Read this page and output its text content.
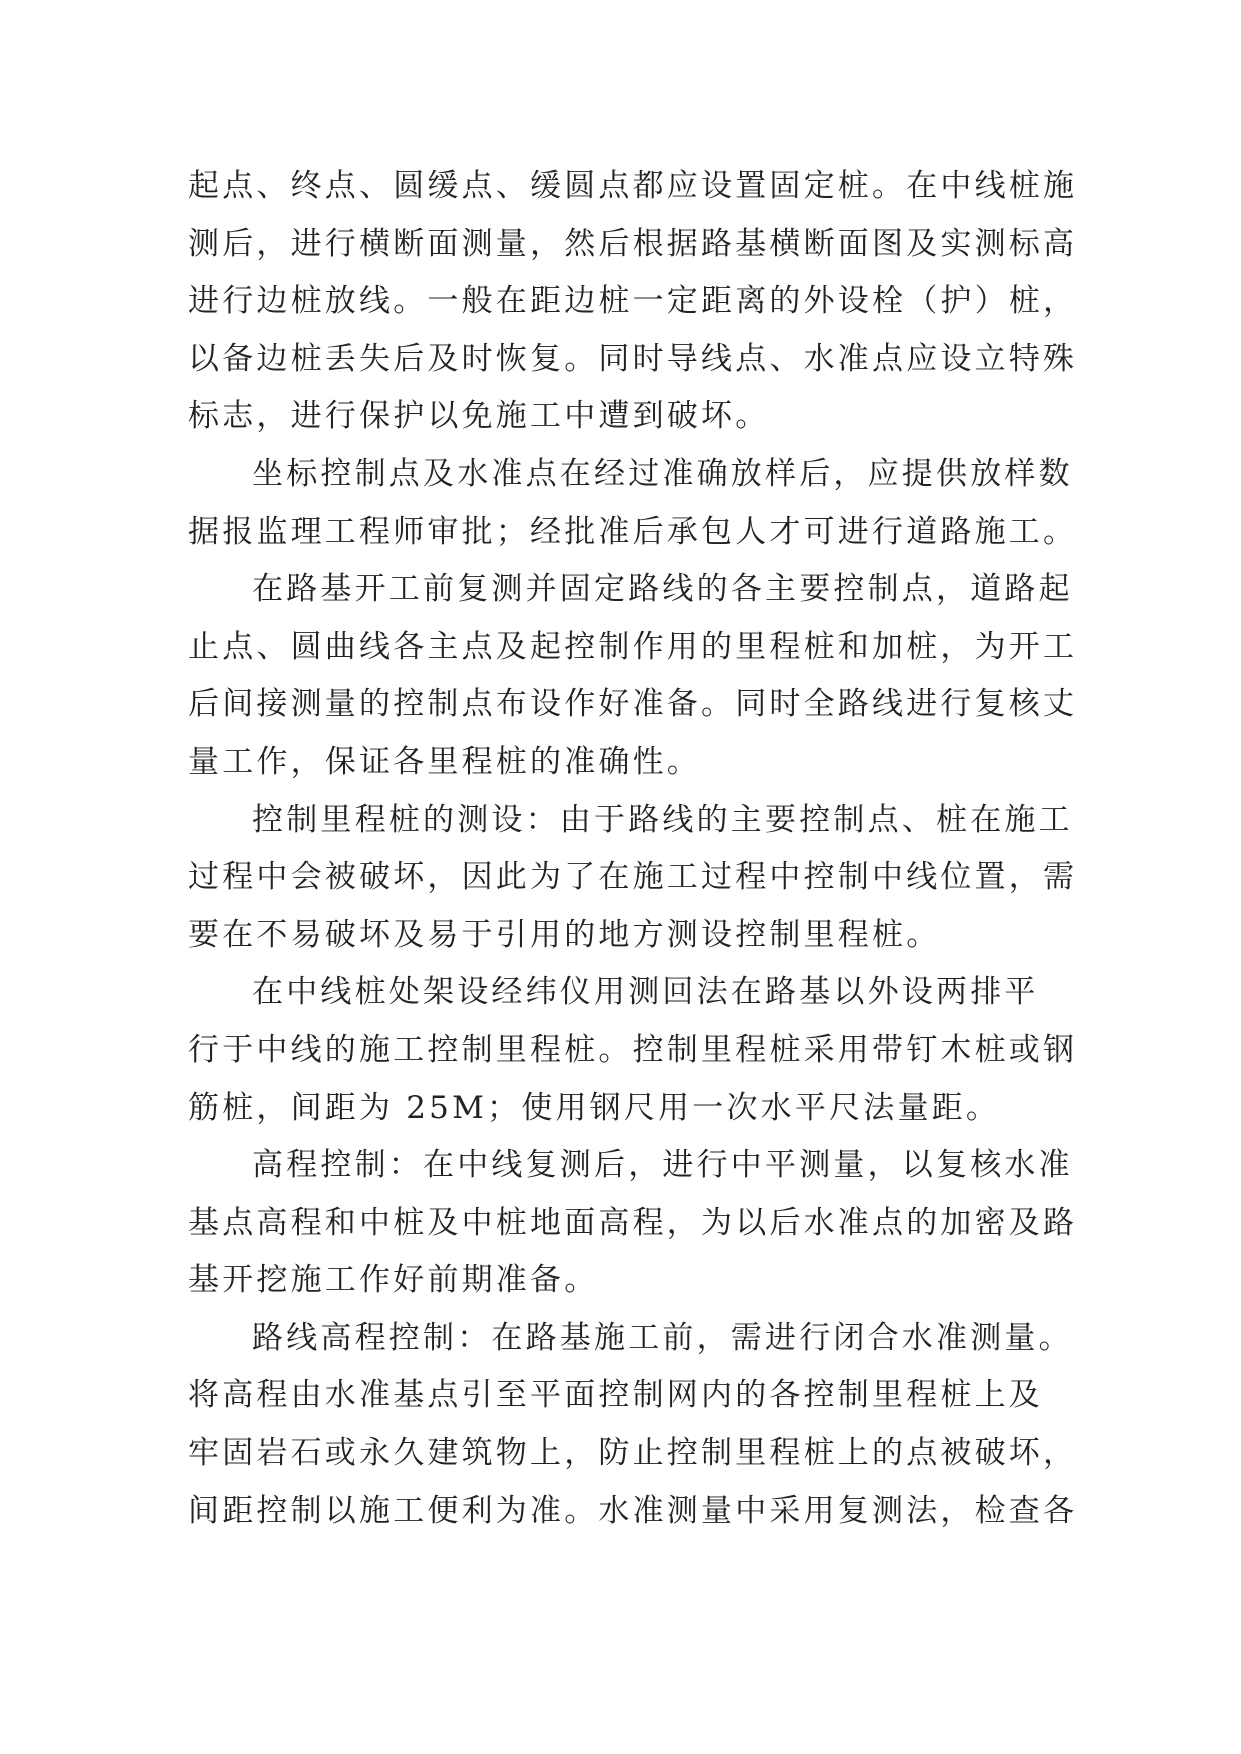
起点、终点、圆缓点、缓圆点都应设置固定桩。在中线桩施
测后，进行横断面测量，然后根据路基横断面图及实测标高
进行边桩放线。一般在距边桩一定距离的外设栓（护）桩，
以备边桩丢失后及时恢复。同时导线点、水准点应设立特殊
标志，进行保护以免施工中遭到破坏。
坐标控制点及水准点在经过准确放样后，应提供放样数
据报监理工程师审批；经批准后承包人才可进行道路施工。
在路基开工前复测并固定路线的各主要控制点，道路起
止点、圆曲线各主点及起控制作用的里程桩和加桩，为开工
后间接测量的控制点布设作好准备。同时全路线进行复核丈
量工作，保证各里程桩的准确性。
控制里程桩的测设：由于路线的主要控制点、桩在施工
过程中会被破坏，因此为了在施工过程中控制中线位置，需
要在不易破坏及易于引用的地方测设控制里程桩。
在中线桩处架设经纬仪用测回法在路基以外设两排平
行于中线的施工控制里程桩。控制里程桩采用带钉木桩或钢
筋桩，间距为 25M；使用钢尺用一次水平尺法量距。
高程控制：在中线复测后，进行中平测量，以复核水准
基点高程和中桩及中桩地面高程，为以后水准点的加密及路
基开挖施工作好前期准备。
路线高程控制：在路基施工前，需进行闭合水准测量。
将高程由水准基点引至平面控制网内的各控制里程桩上及
牢固岩石或永久建筑物上，防止控制里程桩上的点被破坏，
间距控制以施工便利为准。水准测量中采用复测法，检查各
